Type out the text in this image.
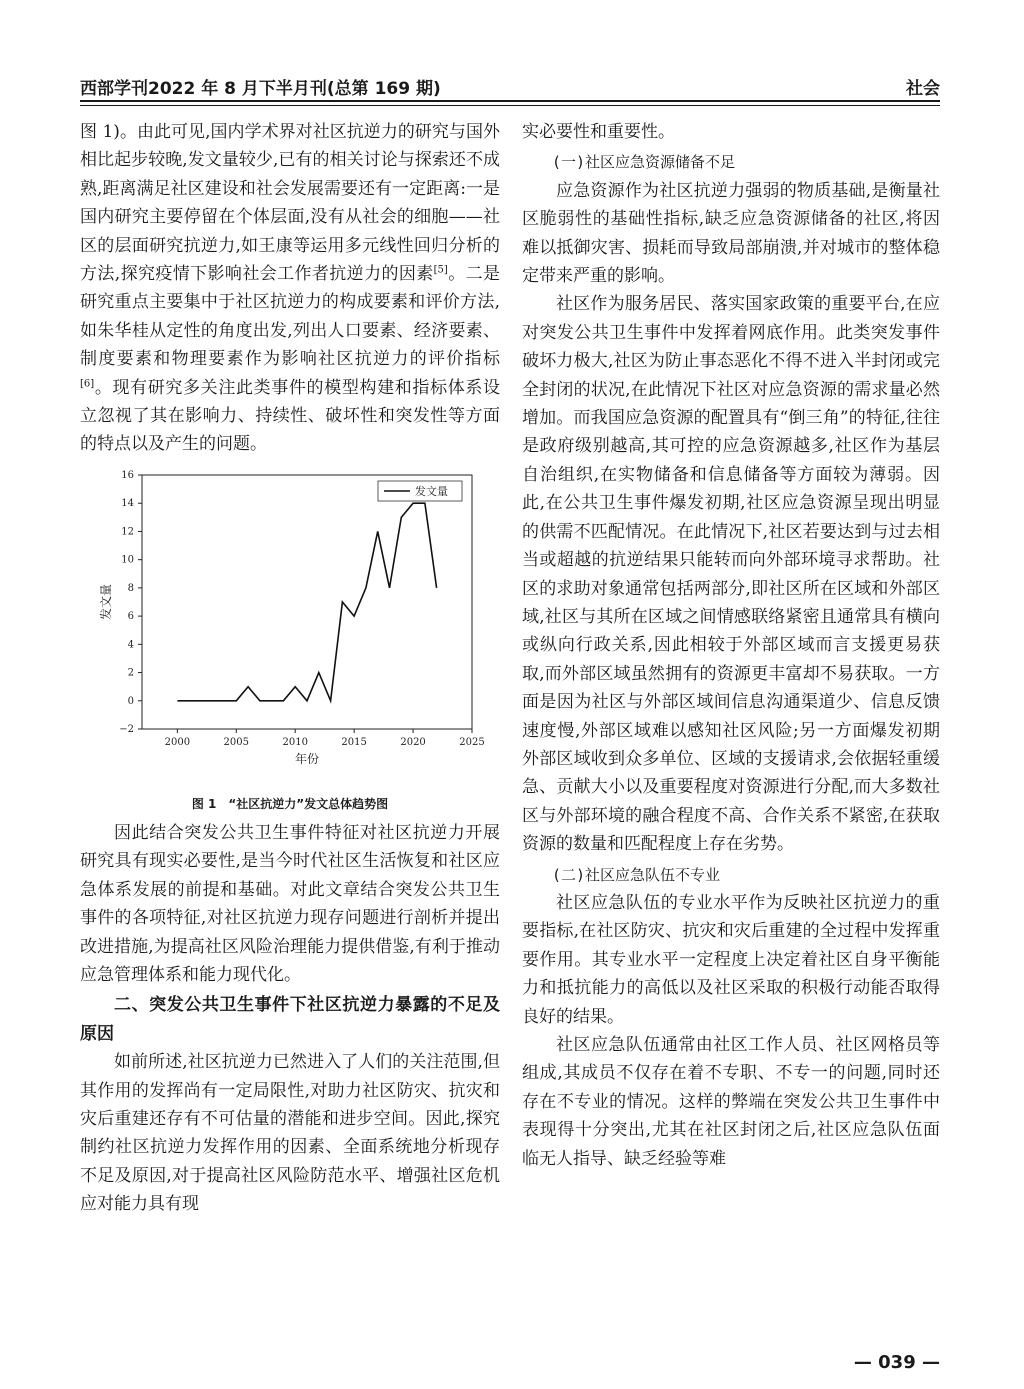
西部学刊2022 年 8 月下半月刊(总第 169 期)	社会

图 1)。由此可见,国内学术界对社区抗逆力的研究与国外相比起步较晚,发文量较少,已有的相关讨论与探索还不成熟,距离满足社区建设和社会发展需要还有一定距离:一是国内研究主要停留在个体层面,没有从社会的细胞——社区的层面研究抗逆力,如王康等运用多元线性回归分析的方法,探究疫情下影响社会工作者抗逆力的因素[5]。二是研究重点主要集中于社区抗逆力的构成要素和评价方法,如朱华桂从定性的角度出发,列出人口要素、经济要素、制度要素和物理要素作为影响社区抗逆力的评价指标[6]。现有研究多关注此类事件的模型构建和指标体系设立忽视了其在影响力、持续性、破坏性和突发性等方面的特点以及产生的问题。

−2
0
2
4
6
8
10
12
14
16
2000	2005	2010	2015	2020	2025
年份
发文量
发文量
图 1　“社区抗逆力”发文总体趋势图

因此结合突发公共卫生事件特征对社区抗逆力开展研究具有现实必要性,是当今时代社区生活恢复和社区应急体系发展的前提和基础。对此文章结合突发公共卫生事件的各项特征,对社区抗逆力现存问题进行剖析并提出改进措施,为提高社区风险治理能力提供借鉴,有利于推动应急管理体系和能力现代化。

二、突发公共卫生事件下社区抗逆力暴露的不足及原因

如前所述,社区抗逆力已然进入了人们的关注范围,但其作用的发挥尚有一定局限性,对助力社区防灾、抗灾和灾后重建还存有不可估量的潜能和进步空间。因此,探究制约社区抗逆力发挥作用的因素、全面系统地分析现存不足及原因,对于提高社区风险防范水平、增强社区危机应对能力具有现

实必要性和重要性。

(一)社区应急资源储备不足

应急资源作为社区抗逆力强弱的物质基础,是衡量社区脆弱性的基础性指标,缺乏应急资源储备的社区,将因难以抵御灾害、损耗而导致局部崩溃,并对城市的整体稳定带来严重的影响。

社区作为服务居民、落实国家政策的重要平台,在应对突发公共卫生事件中发挥着网底作用。此类突发事件破坏力极大,社区为防止事态恶化不得不进入半封闭或完全封闭的状况,在此情况下社区对应急资源的需求量必然增加。而我国应急资源的配置具有“倒三角”的特征,往往是政府级别越高,其可控的应急资源越多,社区作为基层自治组织,在实物储备和信息储备等方面较为薄弱。因此,在公共卫生事件爆发初期,社区应急资源呈现出明显的供需不匹配情况。在此情况下,社区若要达到与过去相当或超越的抗逆结果只能转而向外部环境寻求帮助。社区的求助对象通常包括两部分,即社区所在区域和外部区域,社区与其所在区域之间情感联络紧密且通常具有横向或纵向行政关系,因此相较于外部区域而言支援更易获取,而外部区域虽然拥有的资源更丰富却不易获取。一方面是因为社区与外部区域间信息沟通渠道少、信息反馈速度慢,外部区域难以感知社区风险;另一方面爆发初期外部区域收到众多单位、区域的支援请求,会依据轻重缓急、贡献大小以及重要程度对资源进行分配,而大多数社区与外部环境的融合程度不高、合作关系不紧密,在获取资源的数量和匹配程度上存在劣势。

(二)社区应急队伍不专业

社区应急队伍的专业水平作为反映社区抗逆力的重要指标,在社区防灾、抗灾和灾后重建的全过程中发挥重要作用。其专业水平一定程度上决定着社区自身平衡能力和抵抗能力的高低以及社区采取的积极行动能否取得良好的结果。

社区应急队伍通常由社区工作人员、社区网格员等组成,其成员不仅存在着不专职、不专一的问题,同时还存在不专业的情况。这样的弊端在突发公共卫生事件中表现得十分突出,尤其在社区封闭之后,社区应急队伍面临无人指导、缺乏经验等难

— 039 —
